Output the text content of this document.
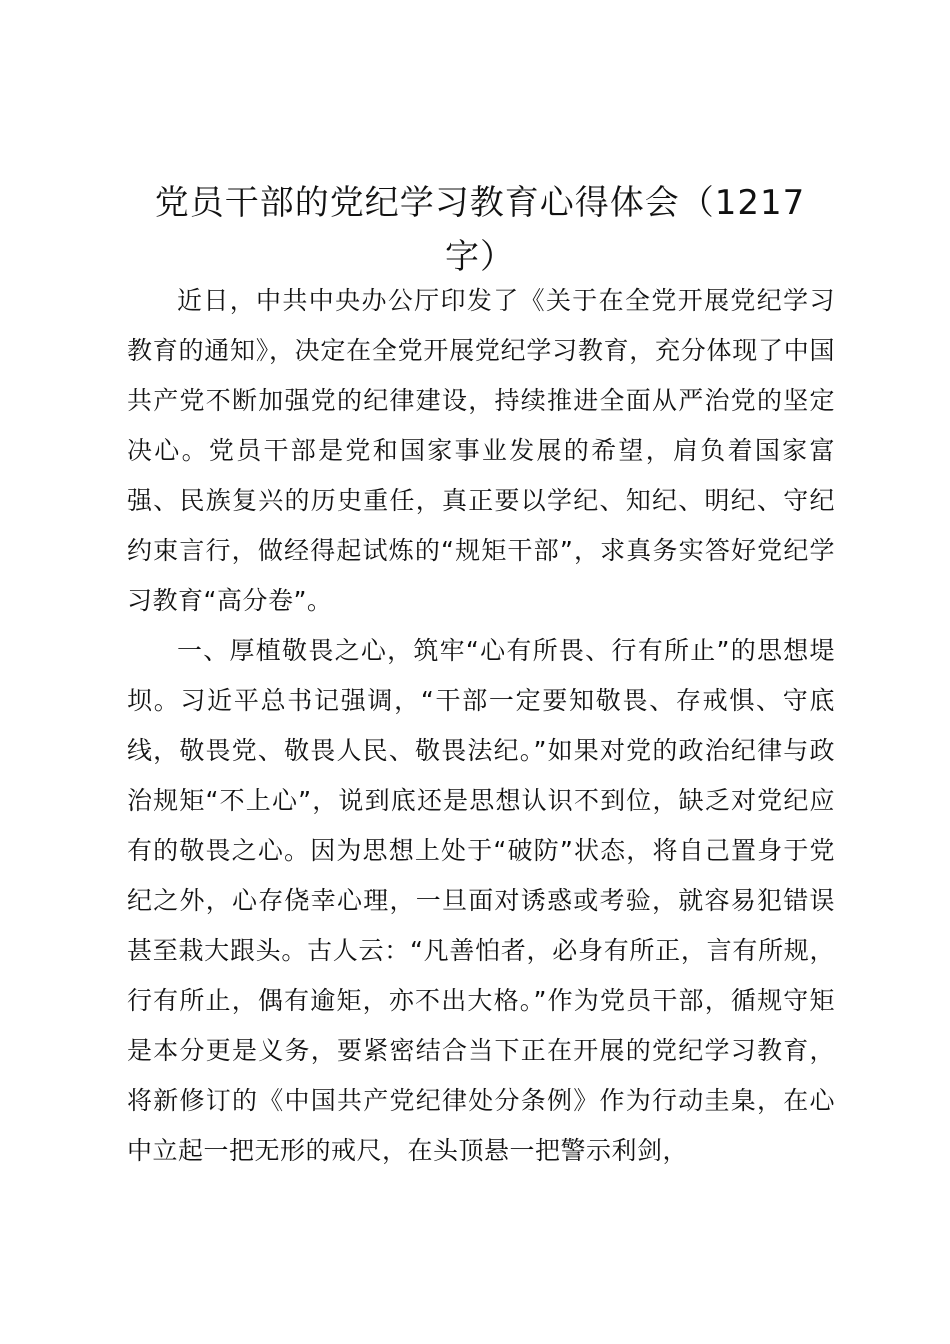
党员干部的党纪学习教育心得体会（1217字）

近日，中共中央办公厅印发了《关于在全党开展党纪学习教育的通知》，决定在全党开展党纪学习教育，充分体现了中国共产党不断加强党的纪律建设，持续推进全面从严治党的坚定决心。党员干部是党和国家事业发展的希望，肩负着国家富强、民族复兴的历史重任，真正要以学纪、知纪、明纪、守纪约束言行，做经得起试炼的“规矩干部”，求真务实答好党纪学习教育“高分卷”。

一、厚植敬畏之心，筑牢“心有所畏、行有所止”的思想堤坝。习近平总书记强调，“干部一定要知敬畏、存戒惧、守底线，敬畏党、敬畏人民、敬畏法纪。”如果对党的政治纪律与政治规矩“不上心”，说到底还是思想认识不到位，缺乏对党纪应有的敬畏之心。因为思想上处于“破防”状态，将自己置身于党纪之外，心存侥幸心理，一旦面对诱惑或考验，就容易犯错误甚至栽大跟头。古人云：“凡善怕者，必身有所正，言有所规，行有所止，偶有逾矩，亦不出大格。”作为党员干部，循规守矩是本分更是义务，要紧密结合当下正在开展的党纪学习教育，将新修订的《中国共产党纪律处分条例》作为行动圭臬，在心中立起一把无形的戒尺，在头顶悬一把警示利剑，
